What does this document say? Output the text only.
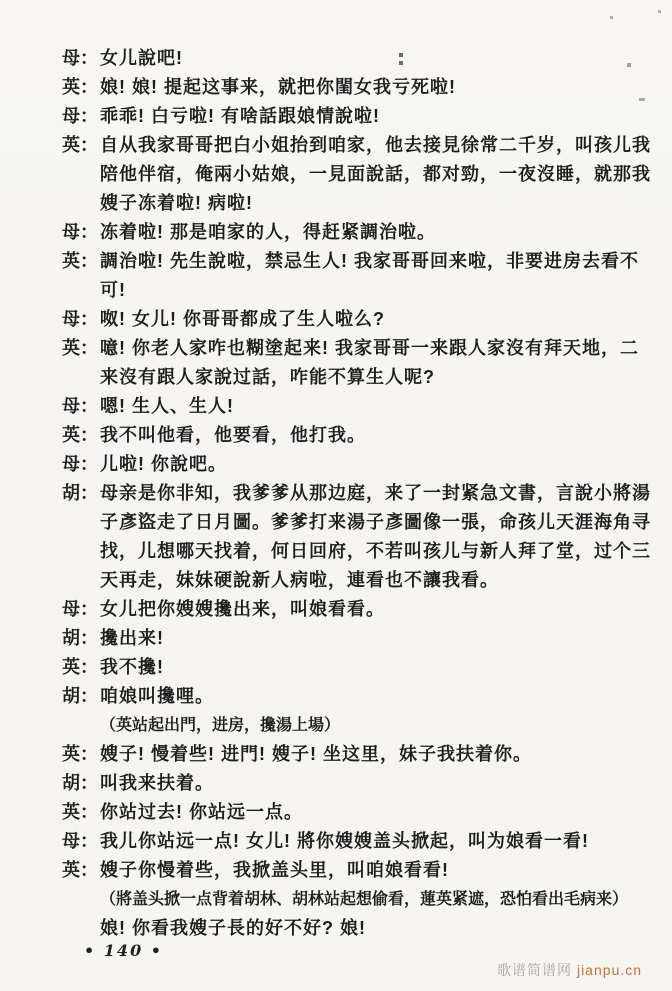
母： 女儿說吧!
英： 娘! 娘! 提起这事来，就把你閨女我亏死啦!
母： 乖乖! 白亏啦! 有啥話跟娘情說啦!
英： 自从我家哥哥把白小姐抬到咱家，他去接見徐常二千岁，叫孩儿我
陪他伴宿，俺兩小姑娘，一見面說話，都对勁，一夜沒睡，就那我
嫂子冻着啦! 病啦!
母： 冻着啦! 那是咱家的人，得赶紧調治啦。
英： 調治啦! 先生說啦，禁忌生人! 我家哥哥回来啦，非要进房去看不
可!
母： 呶! 女儿! 你哥哥都成了生人啦么?
英： 噫! 你老人家咋也糊塗起来! 我家哥哥一来跟人家沒有拜天地，二
来沒有跟人家說过話，咋能不算生人呢?
母： 嗯! 生人、生人!
英： 我不叫他看，他要看，他打我。
母： 儿啦! 你說吧。
胡： 母亲是你非知，我爹爹从那边庭，来了一封紧急文書，言說小將湯
子彥盜走了日月圖。爹爹打来湯子彥圖像一張，命孩儿天涯海角寻
找，儿想哪天找着，何日回府，不若叫孩儿与新人拜了堂，过个三
天再走，妹妹硬說新人病啦，連看也不讓我看。
母： 女儿把你嫂嫂攙出来，叫娘看看。
胡： 攙出来!
英： 我不攙!
胡： 咱娘叫攙哩。
（英站起出門，进房，攙湯上場）
英： 嫂子! 慢着些! 进門! 嫂子! 坐这里，妹子我扶着你。
胡： 叫我来扶着。
英： 你站过去! 你站远一点。
母： 我儿你站远一点! 女儿! 將你嫂嫂盖头掀起，叫为娘看一看!
英： 嫂子你慢着些，我掀盖头里，叫咱娘看看!
（將盖头掀一点背着胡林、胡林站起想偷看，蓮英紧遮，恐怕看出毛病来）
娘! 你看我嫂子長的好不好? 娘!
• 140 •
歌谱简谱网 jianpu.cn
